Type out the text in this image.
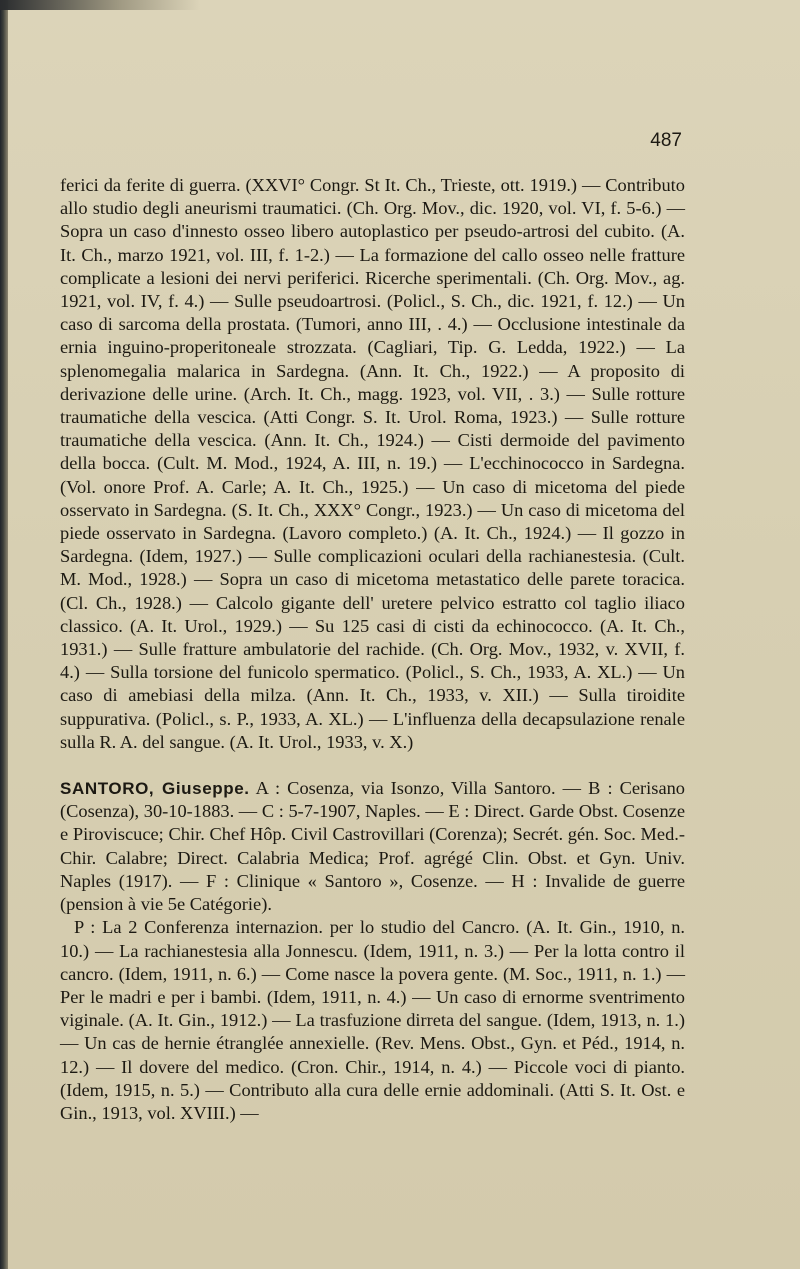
487

ferici da ferite di guerra. (XXVI° Congr. St It. Ch., Trieste, ott. 1919.) — Contributo allo studio degli aneurismi traumatici. (Ch. Org. Mov., dic. 1920, vol. VI, f. 5-6.) — Sopra un caso d'innesto osseo libero autoplastico per pseudo-artrosi del cubito. (A. It. Ch., marzo 1921, vol. III, f. 1-2.) — La formazione del callo osseo nelle fratture complicate a lesioni dei nervi periferici. Ricerche sperimentali. (Ch. Org. Mov., ag. 1921, vol. IV, f. 4.) — Sulle pseudoartrosi. (Policl., S. Ch., dic. 1921, f. 12.) — Un caso di sarcoma della prostata. (Tumori, anno III, . 4.) — Occlusione intestinale da ernia inguino-properitoneale strozzata. (Cagliari, Tip. G. Ledda, 1922.) — La splenomegalia malarica in Sardegna. (Ann. It. Ch., 1922.) — A proposito di derivazione delle urine. (Arch. It. Ch., magg. 1923, vol. VII, . 3.) — Sulle rotture traumatiche della vescica. (Atti Congr. S. It. Urol. Roma, 1923.) — Sulle rotture traumatiche della vescica. (Ann. It. Ch., 1924.) — Cisti dermoide del pavimento della bocca. (Cult. M. Mod., 1924, A. III, n. 19.) — L'ecchinococco in Sardegna. (Vol. onore Prof. A. Carle; A. It. Ch., 1925.) — Un caso di micetoma del piede osservato in Sardegna. (S. It. Ch., XXX° Congr., 1923.) — Un caso di micetoma del piede osservato in Sardegna. (Lavoro completo.) (A. It. Ch., 1924.) — Il gozzo in Sardegna. (Idem, 1927.) — Sulle complicazioni oculari della rachianestesia. (Cult. M. Mod., 1928.) — Sopra un caso di micetoma metastatico delle parete toracica. (Cl. Ch., 1928.) — Calcolo gigante dell' uretere pelvico estratto col taglio iliaco classico. (A. It. Urol., 1929.) — Su 125 casi di cisti da echinococco. (A. It. Ch., 1931.) — Sulle fratture ambulatorie del rachide. (Ch. Org. Mov., 1932, v. XVII, f. 4.) — Sulla torsione del funicolo spermatico. (Policl., S. Ch., 1933, A. XL.) — Un caso di amebiasi della milza. (Ann. It. Ch., 1933, v. XII.) — Sulla tiroidite suppurativa. (Policl., s. P., 1933, A. XL.) — L'influenza della decapsulazione renale sulla R. A. del sangue. (A. It. Urol., 1933, v. X.)

SANTORO, Giuseppe. A : Cosenza, via Isonzo, Villa Santoro. — B : Cerisano (Cosenza), 30-10-1883. — C : 5-7-1907, Naples. — E : Direct. Garde Obst. Cosenze e Piroviscuce; Chir. Chef Hôp. Civil Castrovillari (Corenza); Secrét. gén. Soc. Med.-Chir. Calabre; Direct. Calabria Medica; Prof. agrégé Clin. Obst. et Gyn. Univ. Naples (1917). — F : Clinique « Santoro », Cosenze. — H : Invalide de guerre (pension à vie 5e Catégorie).

P : La 2 Conferenza internazion. per lo studio del Cancro. (A. It. Gin., 1910, n. 10.) — La rachianestesia alla Jonnescu. (Idem, 1911, n. 3.) — Per la lotta contro il cancro. (Idem, 1911, n. 6.) — Come nasce la povera gente. (M. Soc., 1911, n. 1.) — Per le madri e per i bambi. (Idem, 1911, n. 4.) — Un caso di ernorme sventrimento viginale. (A. It. Gin., 1912.) — La trasfuzione dirreta del sangue. (Idem, 1913, n. 1.) — Un cas de hernie étranglée annexielle. (Rev. Mens. Obst., Gyn. et Péd., 1914, n. 12.) — Il dovere del medico. (Cron. Chir., 1914, n. 4.) — Piccole voci di pianto. (Idem, 1915, n. 5.) — Contributo alla cura delle ernie addominali. (Atti S. It. Ost. e Gin., 1913, vol. XVIII.) —
